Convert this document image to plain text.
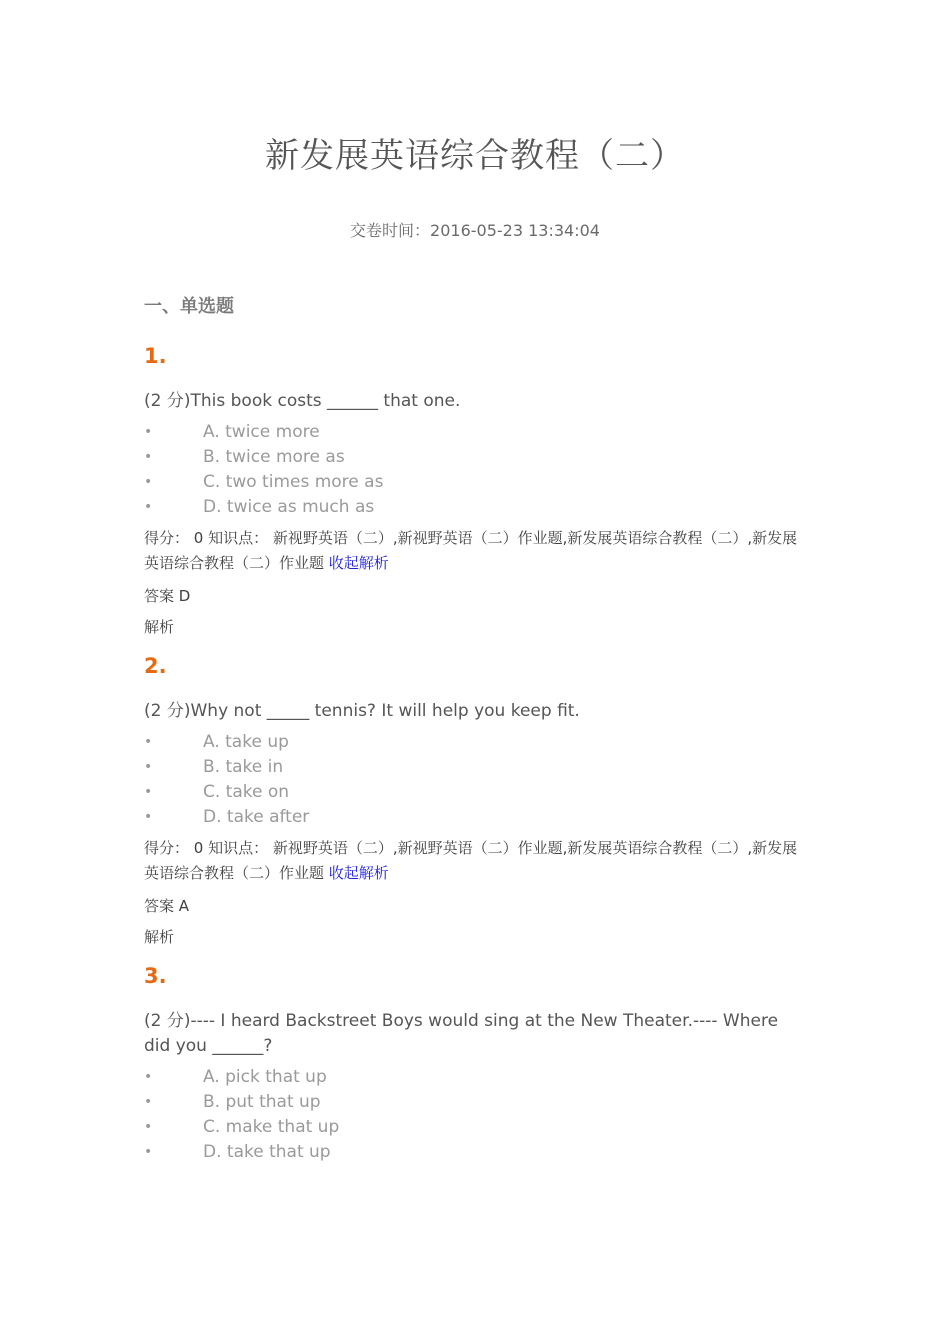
新发展英语综合教程（二）
交卷时间：2016-05-23 13:34:04
一、单选题
1.
(2 分)This book costs ______ that one.
•	A. twice more
•	B. twice more as
•	C. two times more as
•	D. twice as much as
得分： 0 知识点： 新视野英语（二）,新视野英语（二）作业题,新发展英语综合教程（二）,新发展英语综合教程（二）作业题 收起解析
答案 D
解析
2.
(2 分)Why not _____ tennis? It will help you keep fit.
•	A. take up
•	B. take in
•	C. take on
•	D. take after
得分： 0 知识点： 新视野英语（二）,新视野英语（二）作业题,新发展英语综合教程（二）,新发展英语综合教程（二）作业题 收起解析
答案 A
解析
3.
(2 分)---- I heard Backstreet Boys would sing at the New Theater.---- Where did you ______?
•	A. pick that up
•	B. put that up
•	C. make that up
•	D. take that up
